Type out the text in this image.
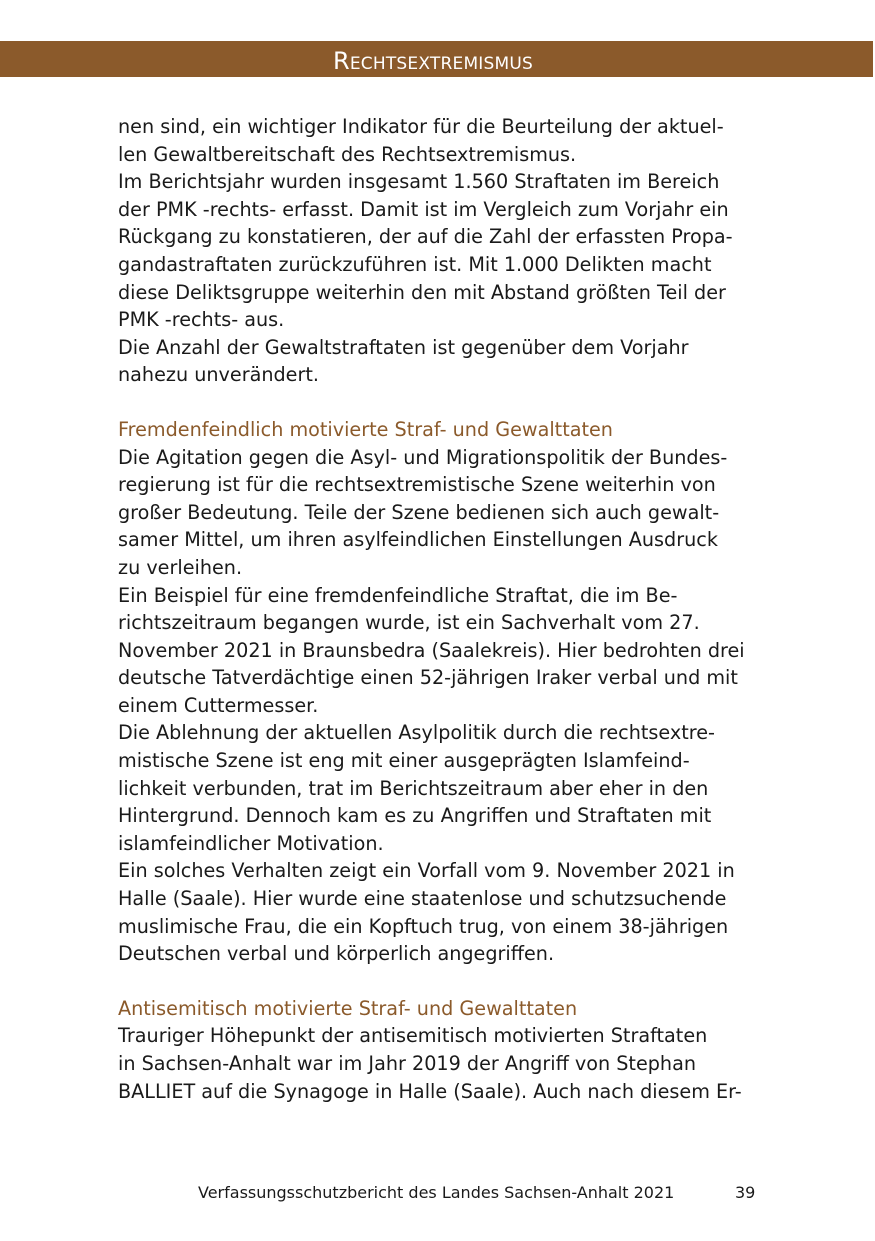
Rechtsextremismus
nen sind, ein wichtiger Indikator für die Beurteilung der aktuel-
len Gewaltbereitschaft des Rechtsextremismus.
Im Berichtsjahr wurden insgesamt 1.560 Straftaten im Bereich
der PMK -rechts- erfasst. Damit ist im Vergleich zum Vorjahr ein
Rückgang zu konstatieren, der auf die Zahl der erfassten Propa-
gandastraftaten zurückzuführen ist. Mit 1.000 Delikten macht
diese Deliktsgruppe weiterhin den mit Abstand größten Teil der
PMK -rechts- aus.
Die Anzahl der Gewaltstraftaten ist gegenüber dem Vorjahr
nahezu unverändert.
Fremdenfeindlich motivierte Straf- und Gewalttaten
Die Agitation gegen die Asyl- und Migrationspolitik der Bundes-
regierung ist für die rechtsextremistische Szene weiterhin von
großer Bedeutung. Teile der Szene bedienen sich auch gewalt-
samer Mittel, um ihren asylfeindlichen Einstellungen Ausdruck
zu verleihen.
Ein Beispiel für eine fremdenfeindliche Straftat, die im Be-
richtszeitraum begangen wurde, ist ein Sachverhalt vom 27.
November 2021 in Braunsbedra (Saalekreis). Hier bedrohten drei
deutsche Tatverdächtige einen 52-jährigen Iraker verbal und mit
einem Cuttermesser.
Die Ablehnung der aktuellen Asylpolitik durch die rechtsextre-
mistische Szene ist eng mit einer ausgeprägten Islamfeind-
lichkeit verbunden, trat im Berichtszeitraum aber eher in den
Hintergrund. Dennoch kam es zu Angriffen und Straftaten mit
islamfeindlicher Motivation.
Ein solches Verhalten zeigt ein Vorfall vom 9. November 2021 in
Halle (Saale). Hier wurde eine staatenlose und schutzsuchende
muslimische Frau, die ein Kopftuch trug, von einem 38-jährigen
Deutschen verbal und körperlich angegriffen.
Antisemitisch motivierte Straf- und Gewalttaten
Trauriger Höhepunkt der antisemitisch motivierten Straftaten
in Sachsen-Anhalt war im Jahr 2019 der Angriff von Stephan
BALLIET auf die Synagoge in Halle (Saale). Auch nach diesem Er-
Verfassungsschutzbericht des Landes Sachsen-Anhalt 2021	39
